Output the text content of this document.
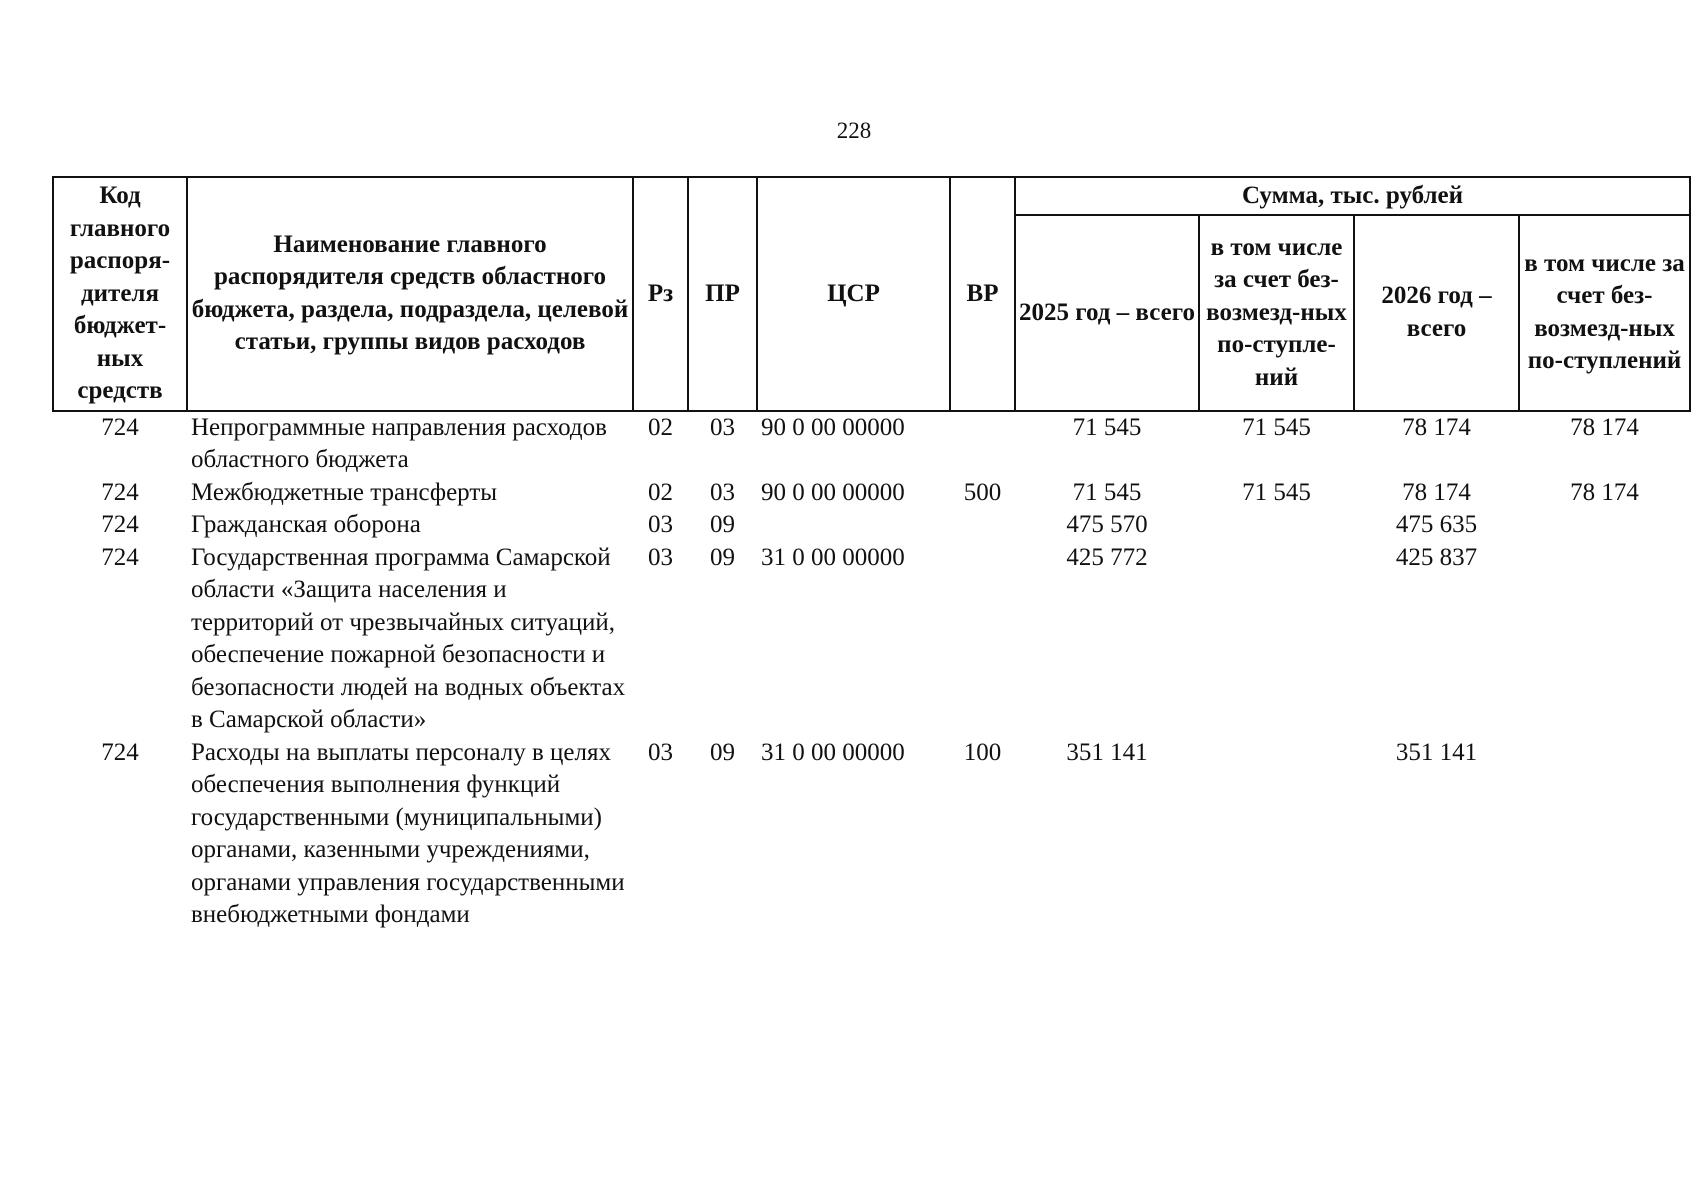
228
Код главного распоря-дителя бюджет-ных средств	Наименование главного распорядителя средств областного бюджета, раздела, подраздела, целевой статьи, группы видов расходов	Рз	ПР	ЦСР	ВР	Сумма, тыс. рублей			
						2025 год – всего	в том числе за счет без-возмезд-ных по-ступле-ний	2026 год – всего	в том числе за счет без-возмезд-ных по-ступлений
724	Непрограммные направления расходов областного бюджета	02	03	90 0 00 00000		71 545	71 545	78 174	78 174
724	Межбюджетные трансферты	02	03	90 0 00 00000	500	71 545	71 545	78 174	78 174
724	Гражданская оборона	03	09			475 570		475 635	
724	Государственная программа Самарской области «Защита населения и территорий от чрезвычайных ситуаций, обеспечение пожарной безопасности и безопасности людей на водных объектах в Самарской области»	03	09	31 0 00 00000		425 772		425 837	
724	Расходы на выплаты персоналу в целях обеспечения выполнения функций государственными (муниципальными) органами, казенными учреждениями, органами управления государственными внебюджетными фондами	03	09	31 0 00 00000	100	351 141		351 141	
